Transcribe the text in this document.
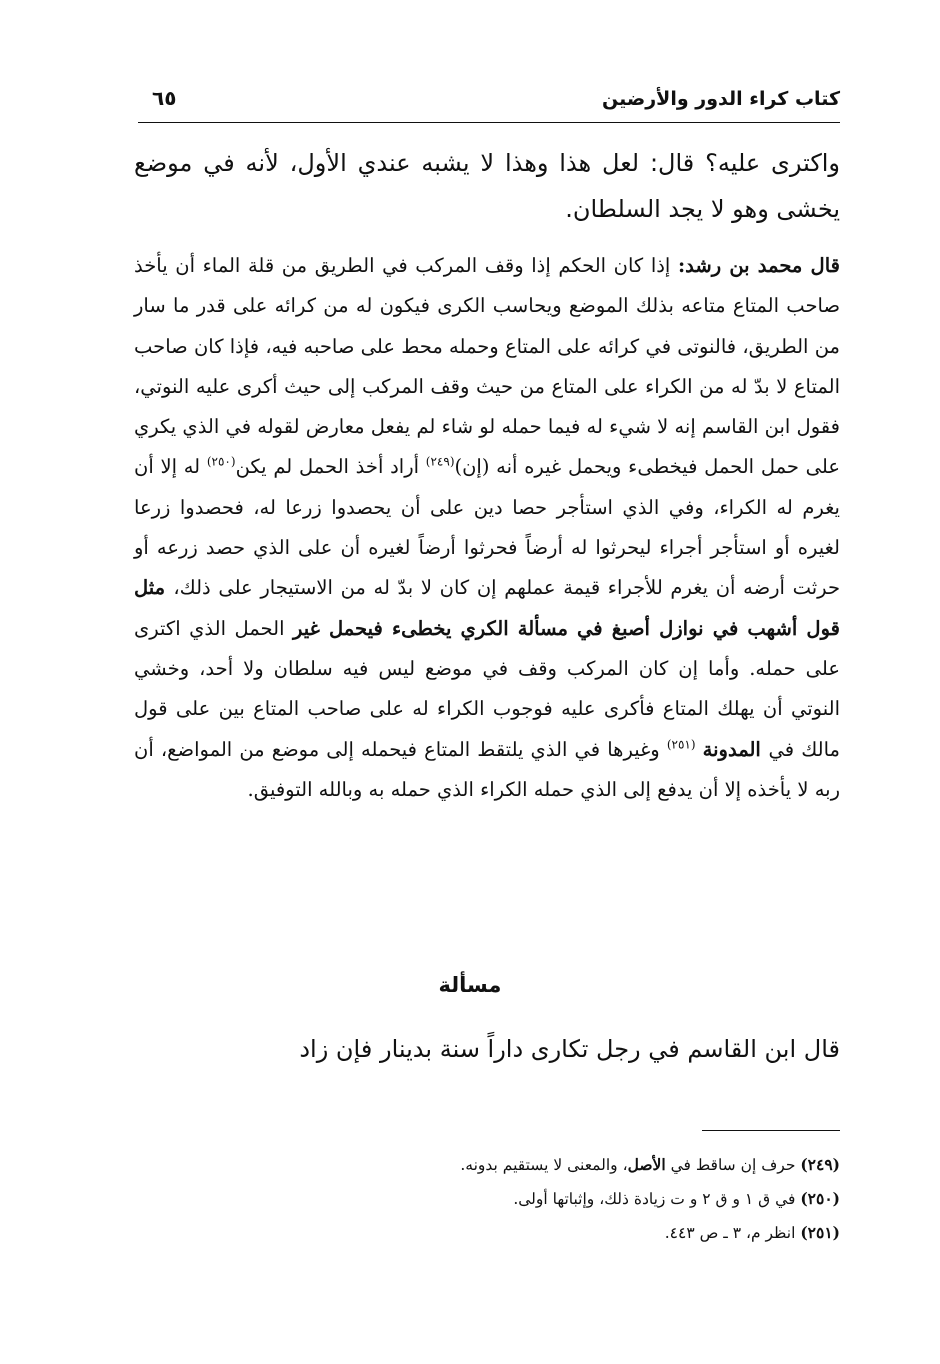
كتاب كراء الدور والأرضين
٦٥

واكترى عليه؟ قال: لعل هذا وهذا لا يشبه عندي الأول، لأنه في موضع يخشى وهو لا يجد السلطان.

قال محمد بن رشد: إذا كان الحكم إذا وقف المركب في الطريق من قلة الماء أن يأخذ صاحب المتاع متاعه بذلك الموضع ويحاسب الكرى فيكون له من كرائه على قدر ما سار من الطريق، فالنوتى في كرائه على المتاع وحمله محط على صاحبه فيه، فإذا كان صاحب المتاع لا بدّ له من الكراء على المتاع من حيث وقف المركب إلى حيث أكرى عليه النوتي، فقول ابن القاسم إنه لا شيء له فيما حمله لو شاء لم يفعل معارض لقوله في الذي يكري على حمل الحمل فيخطىء ويحمل غيره أنه (إن)$^{(٢٤٩)}$ أراد أخذ الحمل لم يكن$^{(٢٥٠)}$ له إلا أن يغرم له الكراء، وفي الذي استأجر حصا دين على أن يحصدوا زرعا له، فحصدوا زرعا لغيره أو استأجر أجراء ليحرثوا له أرضاً فحرثوا أرضاً لغيره أن على الذي حصد زرعه أو حرثت أرضه أن يغرم للأجراء قيمة عملهم إن كان لا بدّ له من الاستيجار على ذلك، مثل قول أشهب في نوازل أصبغ في مسألة الكري يخطىء فيحمل غير الحمل الذي اكترى على حمله. وأما إن كان المركب وقف في موضع ليس فيه سلطان ولا أحد، وخشي النوتي أن يهلك المتاع فأكرى عليه فوجوب الكراء له على صاحب المتاع بين على قول مالك في المدونة $^{(٢٥١)}$ وغيرها في الذي يلتقط المتاع فيحمله إلى موضع من المواضع، أن ربه لا يأخذه إلا أن يدفع إلى الذي حمله الكراء الذي حمله به وبالله التوفيق.

مسألة

قال ابن القاسم في رجل تكارى داراً سنة بدينار فإن زاد

(٢٤٩) حرف إن ساقط في الأصل، والمعنى لا يستقيم بدونه.
(٢٥٠) في ق ١ و ق ٢ و ت زيادة ذلك، وإثباتها أولى.
(٢٥١) انظر م، ٣ ـ ص ٤٤٣.
